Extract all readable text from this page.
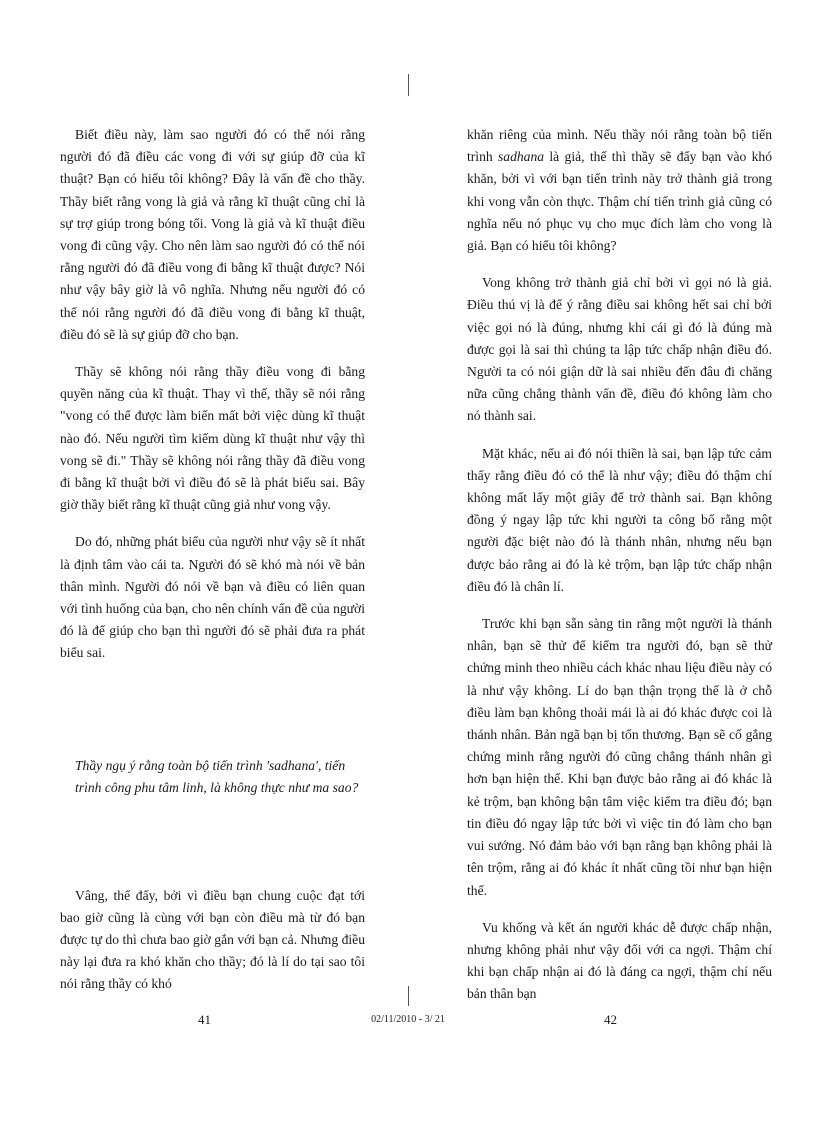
Biết điều này, làm sao người đó có thể nói rằng người đó đã điều các vong đi với sự giúp đỡ của kĩ thuật? Bạn có hiểu tôi không? Đây là vấn đề cho thầy. Thầy biết rằng vong là giả và rằng kĩ thuật cũng chỉ là sự trợ giúp trong bóng tối. Vong là giả và kĩ thuật điều vong đi cũng vậy. Cho nên làm sao người đó có thể nói rằng người đó đã điều vong đi bằng kĩ thuật được? Nói như vậy bây giờ là vô nghĩa. Nhưng nếu người đó có thể nói rằng người đó đã điều vong đi bằng kĩ thuật, điều đó sẽ là sự giúp đỡ cho bạn.

Thầy sẽ không nói rằng thầy điều vong đi bằng quyền năng của kĩ thuật. Thay vì thế, thầy sẽ nói rằng "vong có thể được làm biến mất bởi việc dùng kĩ thuật nào đó. Nếu người tìm kiếm dùng kĩ thuật như vậy thì vong sẽ đi." Thầy sẽ không nói rằng thầy đã điều vong đi bằng kĩ thuật bởi vì điều đó sẽ là phát biểu sai. Bây giờ thầy biết rằng kĩ thuật cũng giả như vong vậy.

Do đó, những phát biểu của người như vậy sẽ ít nhất là định tâm vào cái ta. Người đó sẽ khó mà nói về bản thân mình. Người đó nói về bạn và điều có liên quan với tình huống của bạn, cho nên chính vấn đề của người đó là để giúp cho bạn thì người đó sẽ phải đưa ra phát biểu sai.

Thầy ngụ ý rằng toàn bộ tiến trình 'sadhana', tiến trình công phu tâm linh, là không thực như ma sao?

Vâng, thế đấy, bởi vì điều bạn chung cuộc đạt tới bao giờ cũng là cùng với bạn còn điều mà từ đó bạn được tự do thì chưa bao giờ gắn với bạn cả. Nhưng điều này lại đưa ra khó khăn cho thầy; đó là lí do tại sao tôi nói rằng thầy có khó

khăn riêng của mình. Nếu thầy nói rằng toàn bộ tiến trình sadhana là giả, thế thì thầy sẽ đẩy bạn vào khó khăn, bởi vì với bạn tiến trình này trở thành giả trong khi vong vẫn còn thực. Thậm chí tiến trình giả cũng có nghĩa nếu nó phục vụ cho mục đích làm cho vong là giả. Bạn có hiểu tôi không?

Vong không trở thành giả chỉ bởi vì gọi nó là giả. Điều thú vị là để ý rằng điều sai không hết sai chỉ bởi việc gọi nó là đúng, nhưng khi cái gì đó là đúng mà được gọi là sai thì chúng ta lập tức chấp nhận điều đó. Người ta có nói giận dữ là sai nhiều đến đâu đi chăng nữa cũng chẳng thành vấn đề, điều đó không làm cho nó thành sai.

Mặt khác, nếu ai đó nói thiền là sai, bạn lập tức cảm thấy rằng điều đó có thể là như vậy; điều đó thậm chí không mất lấy một giây để trở thành sai. Bạn không đồng ý ngay lập tức khi người ta công bố rằng một người đặc biệt nào đó là thánh nhân, nhưng nếu bạn được bảo rằng ai đó là kẻ trộm, bạn lập tức chấp nhận điều đó là chân lí.

Trước khi bạn sẵn sàng tin rằng một người là thánh nhân, bạn sẽ thử để kiểm tra người đó, bạn sẽ thử chứng minh theo nhiều cách khác nhau liệu điều này có là như vậy không. Lí do bạn thận trọng thế là ở chỗ điều làm bạn không thoải mái là ai đó khác được coi là thánh nhân. Bản ngã bạn bị tổn thương. Bạn sẽ cố gắng chứng minh rằng người đó cũng chẳng thánh nhân gì hơn bạn hiện thế. Khi bạn được bảo rằng ai đó khác là kẻ trộm, bạn không bận tâm việc kiểm tra điều đó; bạn tin điều đó ngay lập tức bởi vì việc tin đó làm cho bạn vui sướng. Nó đảm bảo với bạn rằng bạn không phải là tên trộm, rằng ai đó khác ít nhất cũng tồi như bạn hiện thế.

Vu khống và kết án người khác dễ được chấp nhận, nhưng không phải như vậy đối với ca ngợi. Thậm chí khi bạn chấp nhận ai đó là đáng ca ngợi, thậm chí nếu bản thân bạn

41	02/11/2010 - 3/ 21	42
